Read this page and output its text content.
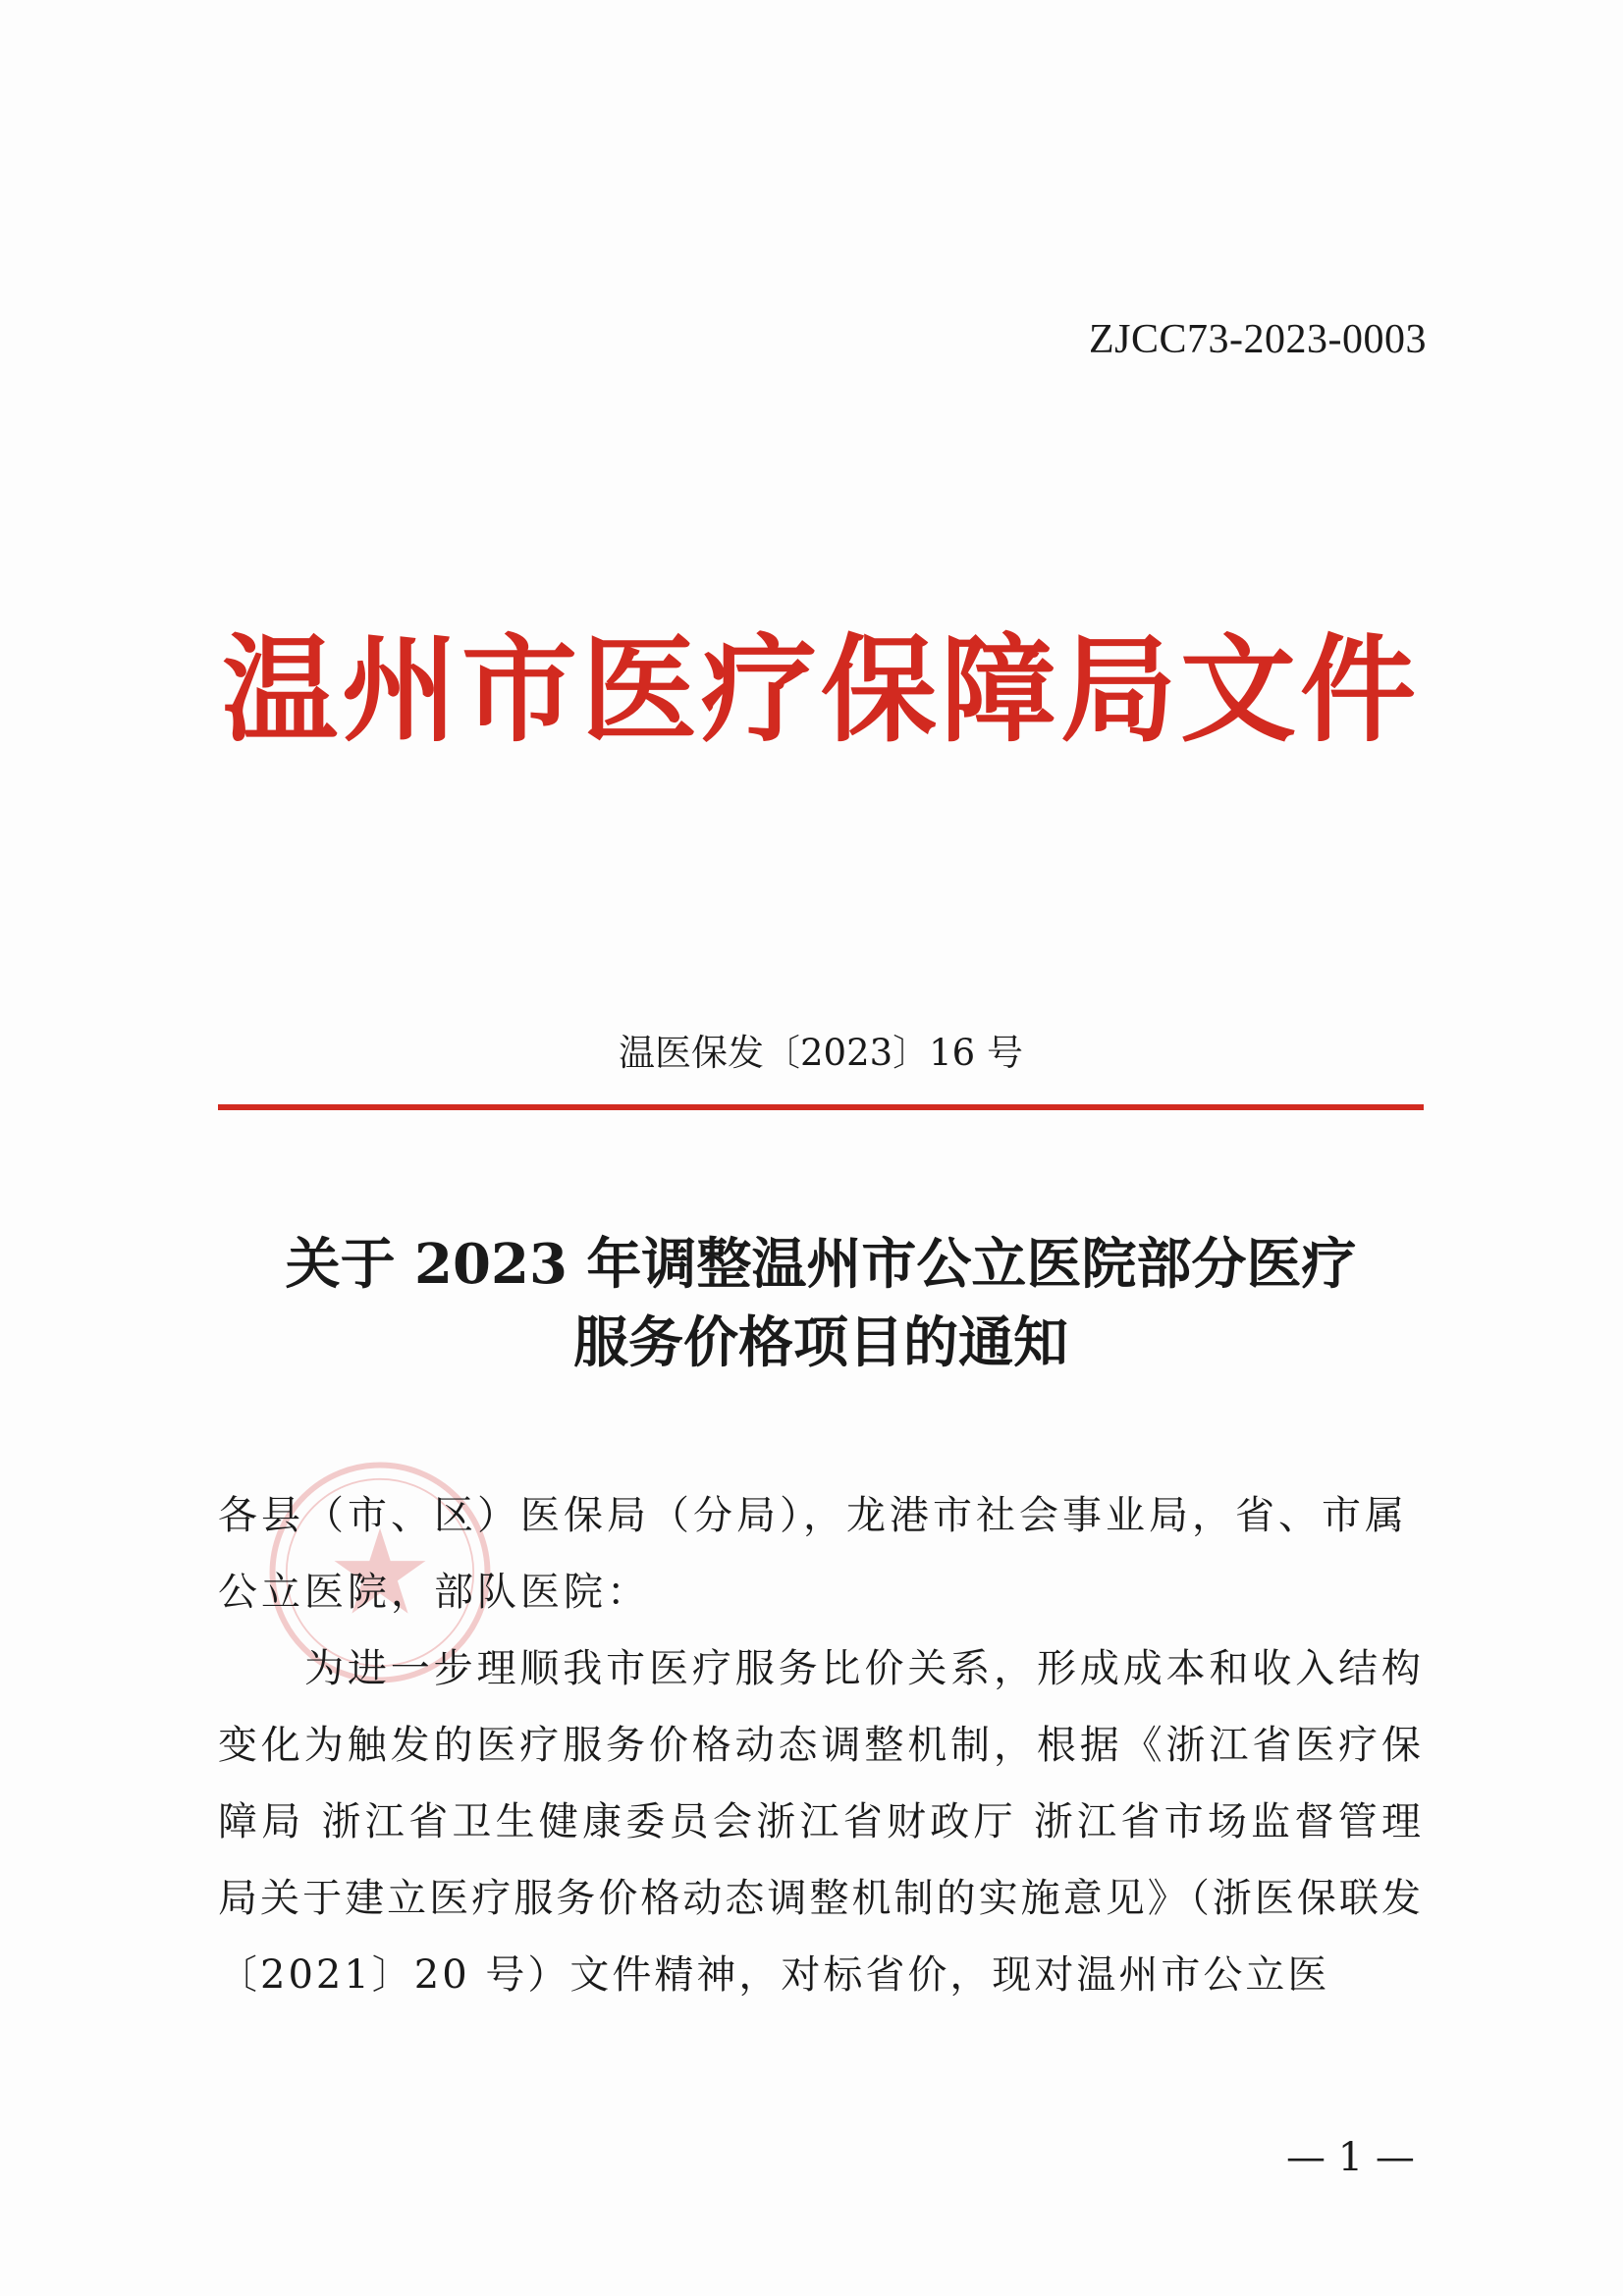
ZJCC73-2023-0003
温州市医疗保障局文件
温医保发〔2023〕16 号
关于 2023 年调整温州市公立医院部分医疗
服务价格项目的通知
各县（市、区）医保局（分局），龙港市社会事业局，省、市属公立医院，部队医院：
为进一步理顺我市医疗服务比价关系，形成成本和收入结构变化为触发的医疗服务价格动态调整机制，根据《浙江省医疗保障局 浙江省卫生健康委员会浙江省财政厅 浙江省市场监督管理局关于建立医疗服务价格动态调整机制的实施意见》（浙医保联发〔2021〕20 号）文件精神，对标省价，现对温州市公立医
— 1 —
